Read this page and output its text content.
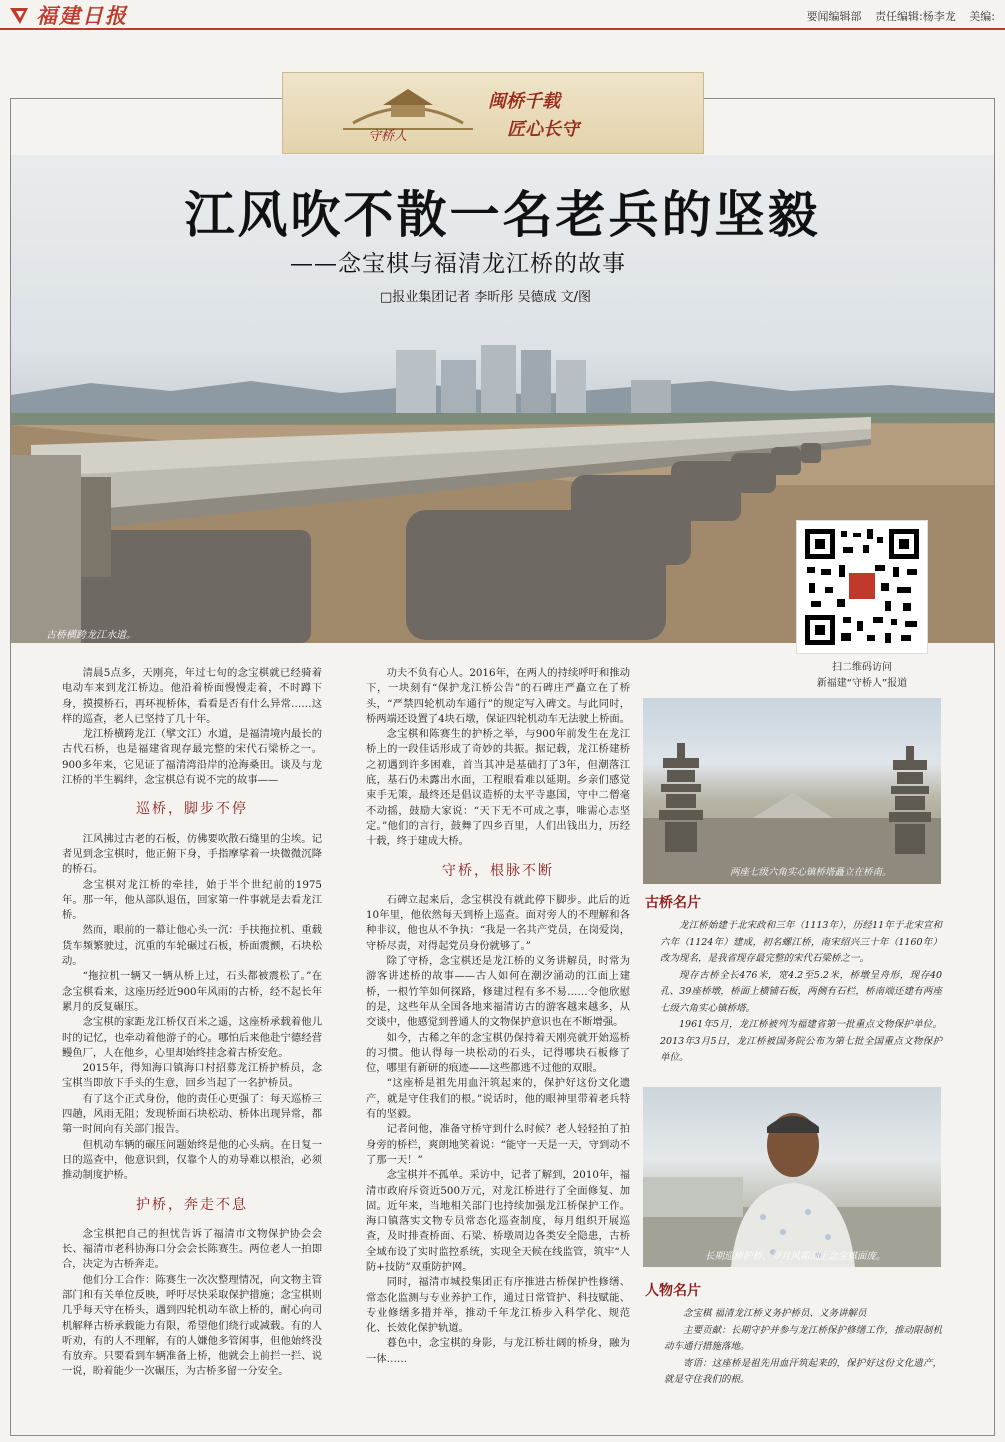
福建日报	要闻编辑部 责任编辑:杨李龙 美编:
守桥人
闽桥千载
匠心长守
江风吹不散一名老兵的坚毅
——念宝棋与福清龙江桥的故事
□报业集团记者 李昕彤 吴德成 文/图
古桥横跨龙江水道。
扫二维码访问
新福建“守桥人”报道

清晨5点多，天刚亮，年过七旬的念宝棋就已经骑着电动车来到龙江桥边。他沿着桥面慢慢走着，不时蹲下身，摸摸桥石，再环视桥体，看看是否有什么异常……这样的巡查，老人已坚持了几十年。

龙江桥横跨龙江（擘文江）水道，是福清境内最长的古代石桥，也是福建省现存最完整的宋代石梁桥之一。900多年来，它见证了福清湾沿岸的沧海桑田。谈及与龙江桥的半生羁绊，念宝棋总有说不完的故事——

巡桥，脚步不停

江风拂过古老的石板，仿佛要吹散石缝里的尘埃。记者见到念宝棋时，他正俯下身，手指摩挲着一块微微沉降的桥石。

念宝棋对龙江桥的牵挂，始于半个世纪前的1975年。那一年，他从部队退伍，回家第一件事就是去看龙江桥。

然而，眼前的一幕让他心头一沉：手扶拖拉机、重载货车频繁驶过，沉重的车轮碾过石板，桥面震颤，石块松动。

“拖拉机一辆又一辆从桥上过，石头都被震松了。”在念宝棋看来，这座历经近900年风雨的古桥，经不起长年累月的反复碾压。

念宝棋的家距龙江桥仅百米之遥，这座桥承载着他儿时的记忆，也牵动着他游子的心。哪怕后来他赴宁德经营鳗鱼厂，人在他乡，心里却始终挂念着古桥安危。

2015年，得知海口镇海口村招募龙江桥护桥员，念宝棋当即放下手头的生意，回乡当起了一名护桥员。

有了这个正式身份，他的责任心更强了：每天巡桥三四趟，风雨无阻；发现桥面石块松动、桥体出现异常，都第一时间向有关部门报告。

但机动车辆的碾压问题始终是他的心头病。在日复一日的巡查中，他意识到，仅靠个人的劝导难以根治，必须推动制度护桥。

护桥，奔走不息

念宝棋把自己的担忧告诉了福清市文物保护协会会长、福清市老科协海口分会会长陈赛生。两位老人一拍即合，决定为古桥奔走。

他们分工合作：陈赛生一次次整理情况，向文物主管部门和有关单位反映，呼吁尽快采取保护措施；念宝棋则几乎每天守在桥头，遇到四轮机动车欲上桥的，耐心向司机解释古桥承载能力有限，希望他们绕行或减载。有的人听劝，有的人不理解，有的人嫌他多管闲事，但他始终没有放弃。只要看到车辆准备上桥，他就会上前拦一拦、说一说，盼着能少一次碾压，为古桥多留一分安全。

功夫不负有心人。2016年，在两人的持续呼吁和推动下，一块刻有“保护龙江桥公告”的石碑庄严矗立在了桥头，“严禁四轮机动车通行”的规定写入碑文。与此同时，桥两端还设置了4块石墩，保证四轮机动车无法驶上桥面。

念宝棋和陈赛生的护桥之举，与900年前发生在龙江桥上的一段佳话形成了奇妙的共振。据记载，龙江桥建桥之初遇到许多困难，首当其冲是基础打了3年，但潮落江底，基石仍未露出水面，工程眼看难以延期。乡亲们感觉束手无策，最终还是倡议造桥的太平寺惠国，守中二僧毫不动摇，鼓励大家说：“天下无不可成之事，唯需心志坚定。”他们的言行，鼓舞了四乡百里，人们出钱出力，历经十载，终于建成大桥。

守桥，根脉不断

石碑立起来后，念宝棋没有就此停下脚步。此后的近10年里，他依然每天到桥上巡查。面对旁人的不理解和各种非议，他也从不争执：“我是一名共产党员，在岗爱岗，守桥尽责，对得起党员身份就够了。”

除了守桥，念宝棋还是龙江桥的义务讲解员，时常为游客讲述桥的故事——古人如何在潮汐涌动的江面上建桥，一根竹竿如何探路，修建过程有多不易……令他欣慰的是，这些年从全国各地来福清访古的游客越来越多，从交谈中，他感觉到普通人的文物保护意识也在不断增强。

如今，古稀之年的念宝棋仍保持着天刚亮就开始巡桥的习惯。他认得每一块松动的石头，记得哪块石板修了位，哪里有新研的痕迹——这些都逃不过他的双眼。

“这座桥是祖先用血汗筑起来的，保护好这份文化遗产，就是守住我们的根。”说话时，他的眼神里带着老兵特有的坚毅。

记者问他，准备守桥守到什么时候？老人轻轻拍了拍身旁的桥栏，爽朗地笑着说：“能守一天是一天，守到动不了那一天！”

念宝棋并不孤单。采访中，记者了解到，2010年，福清市政府斥资近500万元，对龙江桥进行了全面修复、加固。近年来，当地相关部门也持续加强龙江桥保护工作。海口镇落实文物专员常态化巡查制度，每月组织开展巡查，及时排查桥面、石梁、桥墩周边各类安全隐患，古桥全域布设了实时监控系统，实现全天候在线监管，筑牢“人防+技防”双重防护网。

同时，福清市城投集团正有序推进古桥保护性修缮、常态化监测与专业养护工作，通过日常管护、科技赋能、专业修缮多措并举，推动千年龙江桥步入科学化、规范化、长效化保护轨道。

暮色中，念宝棋的身影，与龙江桥壮阔的桥身，融为一体……

两座七级六角实心镇桥塔矗立在桥南。
古桥名片

龙江桥始建于北宋政和三年（1113年），历经11年于北宋宣和六年（1124年）建成，初名螺江桥，南宋绍兴三十年（1160年）改为现名，是我省现存最完整的宋代石梁桥之一。

现存古桥全长476米，宽4.2至5.2米，桥墩呈舟形，现存40孔、39座桥墩，桥面上横铺石板，两侧有石栏，桥南端还建有两座七级六角实心镇桥塔。

1961年5月，龙江桥被列为福建省第一批重点文物保护单位。2013年3月5日，龙江桥被国务院公布为第七批全国重点文物保护单位。

长期巡桥护桥，岁月风霜刻上念宝棋面庞。
人物名片

念宝棋 福清龙江桥义务护桥员、义务讲解员

主要贡献：长期守护并参与龙江桥保护修缮工作，推动限制机动车通行措施落地。

寄语：这座桥是祖先用血汗筑起来的，保护好这份文化遗产，就是守住我们的根。
